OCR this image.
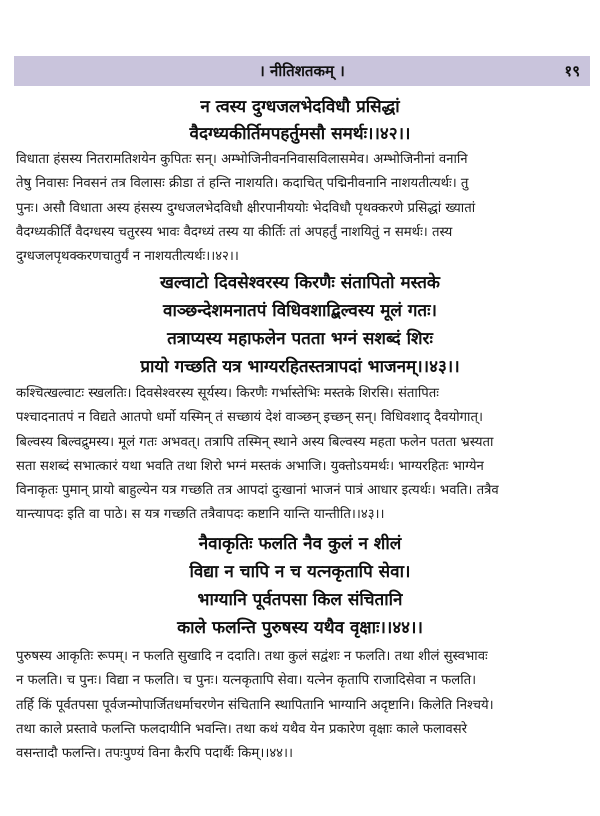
। नीतिशतकम् ।	१९
न त्वस्य दुग्धजलभेदविधौ प्रसिद्धां
वैदग्ध्यकीर्तिमपहर्तुमसौ समर्थः।।४२।।
विधाता हंसस्य नितरामतिशयेन कुपितः सन्। अम्भोजिनीवननिवासविलासमेव। अम्भोजिनीनां वनानि
तेषु निवासः निवसनं तत्र विलासः क्रीडा तं हन्ति नाशयति। कदाचित् पद्मिनीवनानि नाशयतीत्यर्थः। तु
पुनः। असौ विधाता अस्य हंसस्य दुग्धजलभेदविधौ क्षीरपानीययोः भेदविधौ पृथक्करणे प्रसिद्धां ख्यातां
वैदग्ध्यकीर्तिं वैदग्धस्य चतुरस्य भावः वैदग्ध्यं तस्य या कीर्तिः तां अपहर्तुं नाशयितुं न समर्थः। तस्य
दुग्धजलपृथक्करणचातुर्यं न नाशयतीत्यर्थः।।४२।।
खल्वाटो दिवसेश्वरस्य किरणैः संतापितो मस्तके
वाञ्छन्देशमनातपं विधिवशाद्बिल्वस्य मूलं गतः।
तत्राप्यस्य महाफलेन पतता भग्नं सशब्दं शिरः
प्रायो गच्छति यत्र भाग्यरहितस्तत्रापदां भाजनम्।।४३।।
कश्चित्खल्वाटः स्खलतिः। दिवसेश्वरस्य सूर्यस्य। किरणैः गर्भास्तेभिः मस्तके शिरसि। संतापितः
पश्चादनातपं न विद्यते आतपो धर्मो यस्मिन् तं सच्छायं देशं वाञ्छन् इच्छन् सन्। विधिवशाद् दैवयोगात्।
बिल्वस्य बिल्वद्रुमस्य। मूलं गतः अभवत्। तत्रापि तस्मिन् स्थाने अस्य बिल्वस्य महता फलेन पतता भ्रस्यता
सता सशब्दं सभात्कारं यथा भवति तथा शिरो भग्नं मस्तकं अभाजि। युक्तोऽयमर्थः। भाग्यरहितः भाग्येन
विनाकृतः पुमान् प्रायो बाहुल्येन यत्र गच्छति तत्र आपदां दुःखानां भाजनं पात्रं आधार इत्यर्थः। भवति। तत्रैव
यान्त्यापदः इति वा पाठे। स यत्र गच्छति तत्रैवापदः कष्टानि यान्ति यान्तीति।।४३।।
नैवाकृतिः फलति नैव कुलं न शीलं
विद्या न चापि न च यत्नकृतापि सेवा।
भाग्यानि पूर्वतपसा किल संचितानि
काले फलन्ति पुरुषस्य यथैव वृक्षाः।।४४।।
पुरुषस्य आकृतिः रूपम्। न फलति सुखादि न ददाति। तथा कुलं सद्वंशः न फलति। तथा शीलं सुस्वभावः
न फलति। च पुनः। विद्या न फलति। च पुनः। यत्नकृतापि सेवा। यत्नेन कृतापि राजादिसेवा न फलति।
तर्हि किं पूर्वतपसा पूर्वजन्मोपार्जितधर्माचरणेन संचितानि स्थापितानि भाग्यानि अदृष्टानि। किलेति निश्चये।
तथा काले प्रस्तावे फलन्ति फलदायीनि भवन्ति। तथा कथं यथैव येन प्रकारेण वृक्षाः काले फलावसरे
वसन्तादौ फलन्ति। तपःपुण्यं विना कैरपि पदार्थैः किम्।।४४।।
